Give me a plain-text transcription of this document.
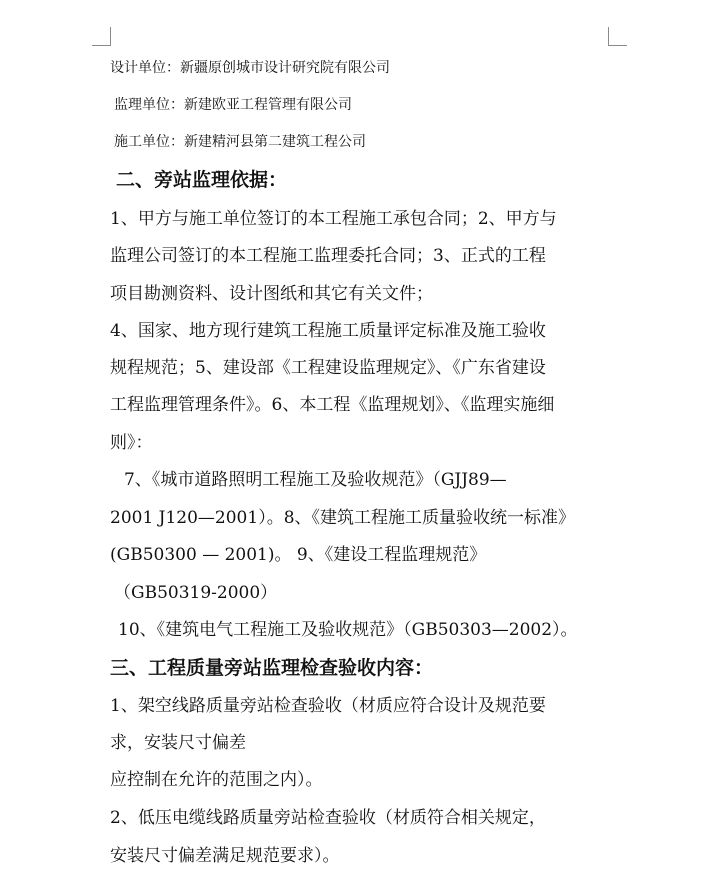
设计单位：新疆原创城市设计研究院有限公司
监理单位：新建欧亚工程管理有限公司
施工单位：新建精河县第二建筑工程公司
二、旁站监理依据：
1、甲方与施工单位签订的本工程施工承包合同；2、甲方与
监理公司签订的本工程施工监理委托合同；3、正式的工程
项目勘测资料、设计图纸和其它有关文件；
4、国家、地方现行建筑工程施工质量评定标准及施工验收
规程规范；5、建设部《工程建设监理规定》、《广东省建设
工程监理管理条件》。6、本工程《监理规划》、《监理实施细
则》：
7、《城市道路照明工程施工及验收规范》（GJJ89—
2001 J120—2001）。8、《建筑工程施工质量验收统一标准》
(GB50300 — 2001)。 9、《建设工程监理规范》
（GB50319-2000）
10、《建筑电气工程施工及验收规范》（GB50303—2002）。
三、工程质量旁站监理检查验收内容：
1、架空线路质量旁站检查验收（材质应符合设计及规范要
求，安装尺寸偏差
应控制在允许的范围之内）。
2、低压电缆线路质量旁站检查验收（材质符合相关规定，
安装尺寸偏差满足规范要求）。
